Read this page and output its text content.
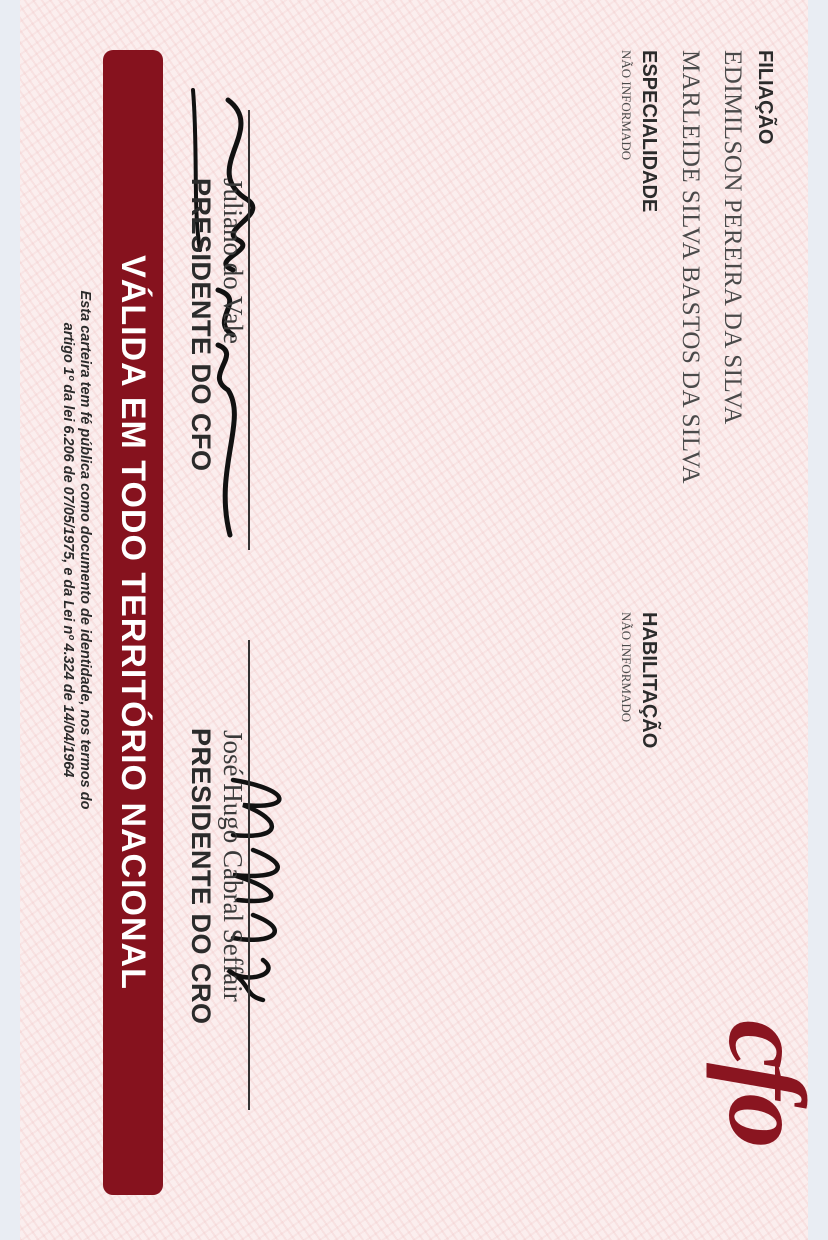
FILIAÇÃO
EDIMILSON PEREIRA DA SILVA
MARLEIDE SILVA BASTOS DA SILVA
ESPECIALIDADE
NÃO INFORMADO
HABILITAÇÃO
NÃO INFORMADO
cfo
Juliano do Vale
PRESIDENTE DO CFO
José Hugo Cabral Seffair
PRESIDENTE DO CRO
VÁLIDA EM TODO TERRITÓRIO NACIONAL
Esta carteira tem fé pública como documento de identidade, nos termos do
artigo 1º da lei 6.206 de 07/05/1975, e da Lei nº 4.324 de 14/04/1964
